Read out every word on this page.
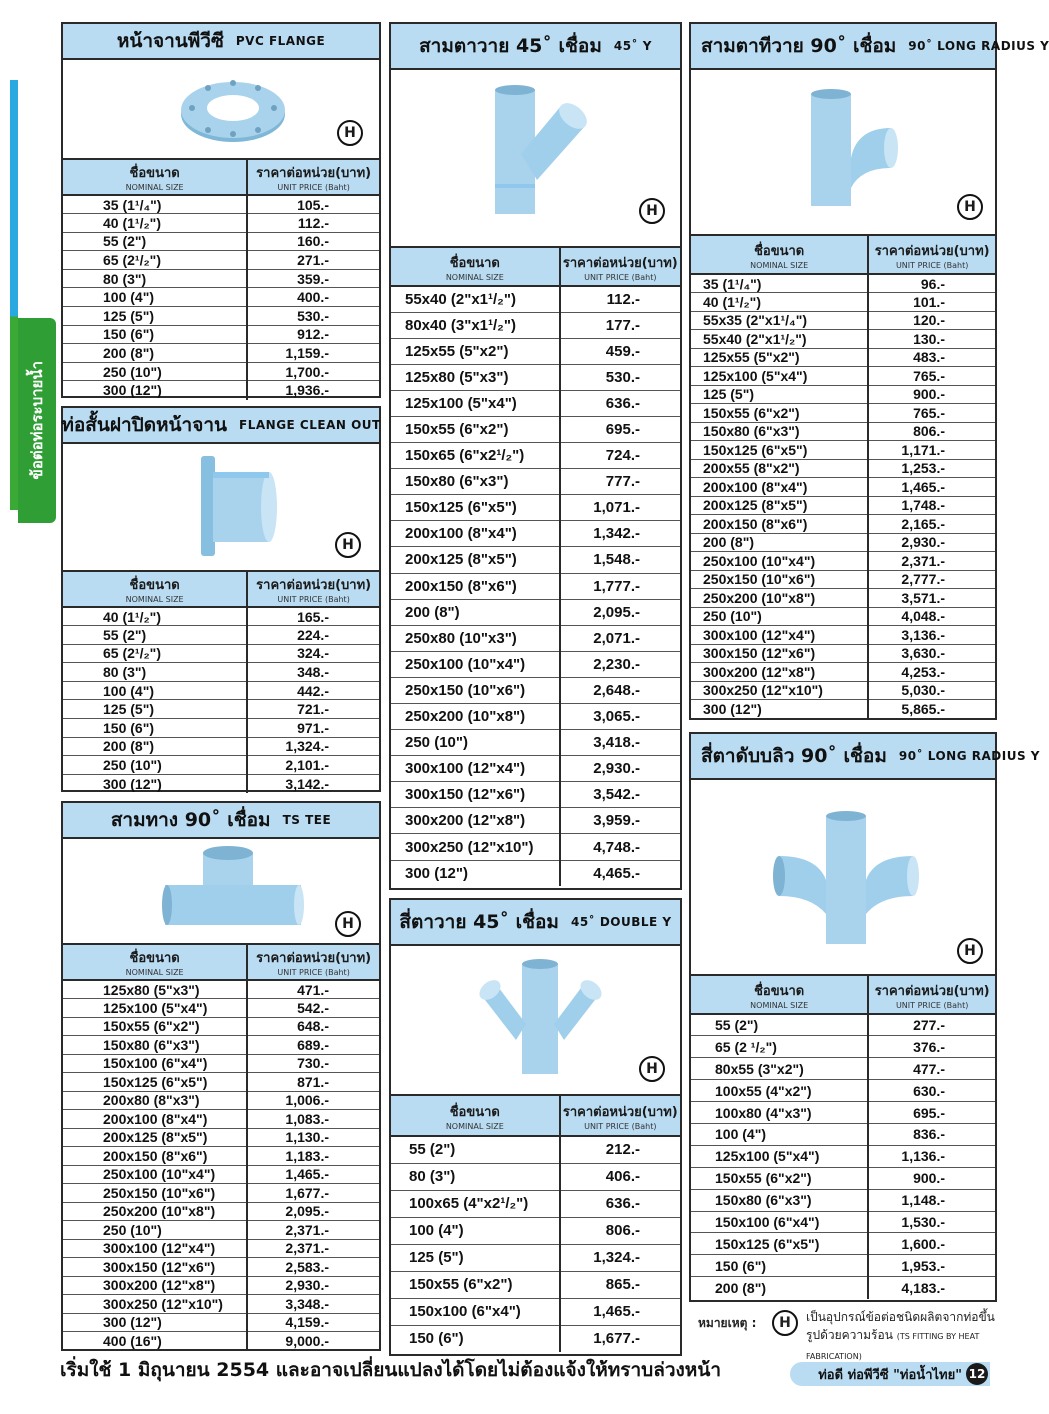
ข้อต่อท่อระบายน้ำ
หน้าจานพีวีซี PVC FLANGE
H
ชื่อขนาด
NOMINAL SIZE	ราคาต่อหน่วย(บาท)
UNIT PRICE (Baht)

35 (1¹/₄")	105.-
40 (1¹/₂")	112.-
55 (2")	160.-
65 (2¹/₂")	271.-
80 (3")	359.-
100 (4")	400.-
125 (5")	530.-
150 (6")	912.-
200 (8")	1,159.-
250 (10")	1,700.-
300 (12")	1,936.-
ท่อสั้นฝาปิดหน้าจาน FLANGE CLEAN OUT
H
ชื่อขนาด
NOMINAL SIZE	ราคาต่อหน่วย(บาท)
UNIT PRICE (Baht)

40 (1¹/₂")	165.-
55 (2")	224.-
65 (2¹/₂")	324.-
80 (3")	348.-
100 (4")	442.-
125 (5")	721.-
150 (6")	971.-
200 (8")	1,324.-
250 (10")	2,101.-
300 (12")	3,142.-
สามทาง 90˚ เชื่อม TS TEE
H
ชื่อขนาด
NOMINAL SIZE	ราคาต่อหน่วย(บาท)
UNIT PRICE (Baht)

125x80 (5"x3")	471.-
125x100 (5"x4")	542.-
150x55 (6"x2")	648.-
150x80 (6"x3")	689.-
150x100 (6"x4")	730.-
150x125 (6"x5")	871.-
200x80 (8"x3")	1,006.-
200x100 (8"x4")	1,083.-
200x125 (8"x5")	1,130.-
200x150 (8"x6")	1,183.-
250x100 (10"x4")	1,465.-
250x150 (10"x6")	1,677.-
250x200 (10"x8")	2,095.-
250 (10")	2,371.-
300x100 (12"x4")	2,371.-
300x150 (12"x6")	2,583.-
300x200 (12"x8")	2,930.-
300x250 (12"x10")	3,348.-
300 (12")	4,159.-
400 (16")	9,000.-
สามตาวาย 45˚ เชื่อม 45˚ Y
H
ชื่อขนาด
NOMINAL SIZE	ราคาต่อหน่วย(บาท)
UNIT PRICE (Baht)

55x40 (2"x1¹/₂")	112.-
80x40 (3"x1¹/₂")	177.-
125x55 (5"x2")	459.-
125x80 (5"x3")	530.-
125x100 (5"x4")	636.-
150x55 (6"x2")	695.-
150x65 (6"x2¹/₂")	724.-
150x80 (6"x3")	777.-
150x125 (6"x5")	1,071.-
200x100 (8"x4")	1,342.-
200x125 (8"x5")	1,548.-
200x150 (8"x6")	1,777.-
200 (8")	2,095.-
250x80 (10"x3")	2,071.-
250x100 (10"x4")	2,230.-
250x150 (10"x6")	2,648.-
250x200 (10"x8")	3,065.-
250 (10")	3,418.-
300x100 (12"x4")	2,930.-
300x150 (12"x6")	3,542.-
300x200 (12"x8")	3,959.-
300x250 (12"x10")	4,748.-
300 (12")	4,465.-
สี่ตาวาย 45˚ เชื่อม 45˚ DOUBLE Y
H
ชื่อขนาด
NOMINAL SIZE	ราคาต่อหน่วย(บาท)
UNIT PRICE (Baht)

55 (2")	212.-
80 (3")	406.-
100x65 (4"x2¹/₂")	636.-
100 (4")	806.-
125 (5")	1,324.-
150x55 (6"x2")	865.-
150x100 (6"x4")	1,465.-
150 (6")	1,677.-
สามตาทีวาย 90˚ เชื่อม 90˚ LONG RADIUS Y
H
ชื่อขนาด
NOMINAL SIZE	ราคาต่อหน่วย(บาท)
UNIT PRICE (Baht)

35 (1¹/₄")	96.-
40 (1¹/₂")	101.-
55x35 (2"x1¹/₄")	120.-
55x40 (2"x1¹/₂")	130.-
125x55 (5"x2")	483.-
125x100 (5"x4")	765.-
125 (5")	900.-
150x55 (6"x2")	765.-
150x80 (6"x3")	806.-
150x125 (6"x5")	1,171.-
200x55 (8"x2")	1,253.-
200x100 (8"x4")	1,465.-
200x125 (8"x5")	1,748.-
200x150 (8"x6")	2,165.-
200 (8")	2,930.-
250x100 (10"x4")	2,371.-
250x150 (10"x6")	2,777.-
250x200 (10"x8")	3,571.-
250 (10")	4,048.-
300x100 (12"x4")	3,136.-
300x150 (12"x6")	3,630.-
300x200 (12"x8")	4,253.-
300x250 (12"x10")	5,030.-
300 (12")	5,865.-
สี่ตาดับบลิว 90˚ เชื่อม 90˚ LONG RADIUS Y
H
ชื่อขนาด
NOMINAL SIZE	ราคาต่อหน่วย(บาท)
UNIT PRICE (Baht)

55 (2")	277.-
65 (2 ¹/₂")	376.-
80x55 (3"x2")	477.-
100x55 (4"x2")	630.-
100x80 (4"x3")	695.-
100 (4")	836.-
125x100 (5"x4")	1,136.-
150x55 (6"x2")	900.-
150x80 (6"x3")	1,148.-
150x100 (6"x4")	1,530.-
150x125 (6"x5")	1,600.-
150 (6")	1,953.-
200 (8")	4,183.-
หมายเหตุ :	H	เป็นอุปกรณ์ข้อต่อชนิดผลิตจากท่อขึ้นรูปด้วยความร้อน (TS FITTING BY HEAT FABRICATION)
เริ่มใช้ 1 มิถุนายน 2554 และอาจเปลี่ยนแปลงได้โดยไม่ต้องแจ้งให้ทราบล่วงหน้า	ท่อดี ท่อพีวีซี "ท่อน้ำไทย" 12
